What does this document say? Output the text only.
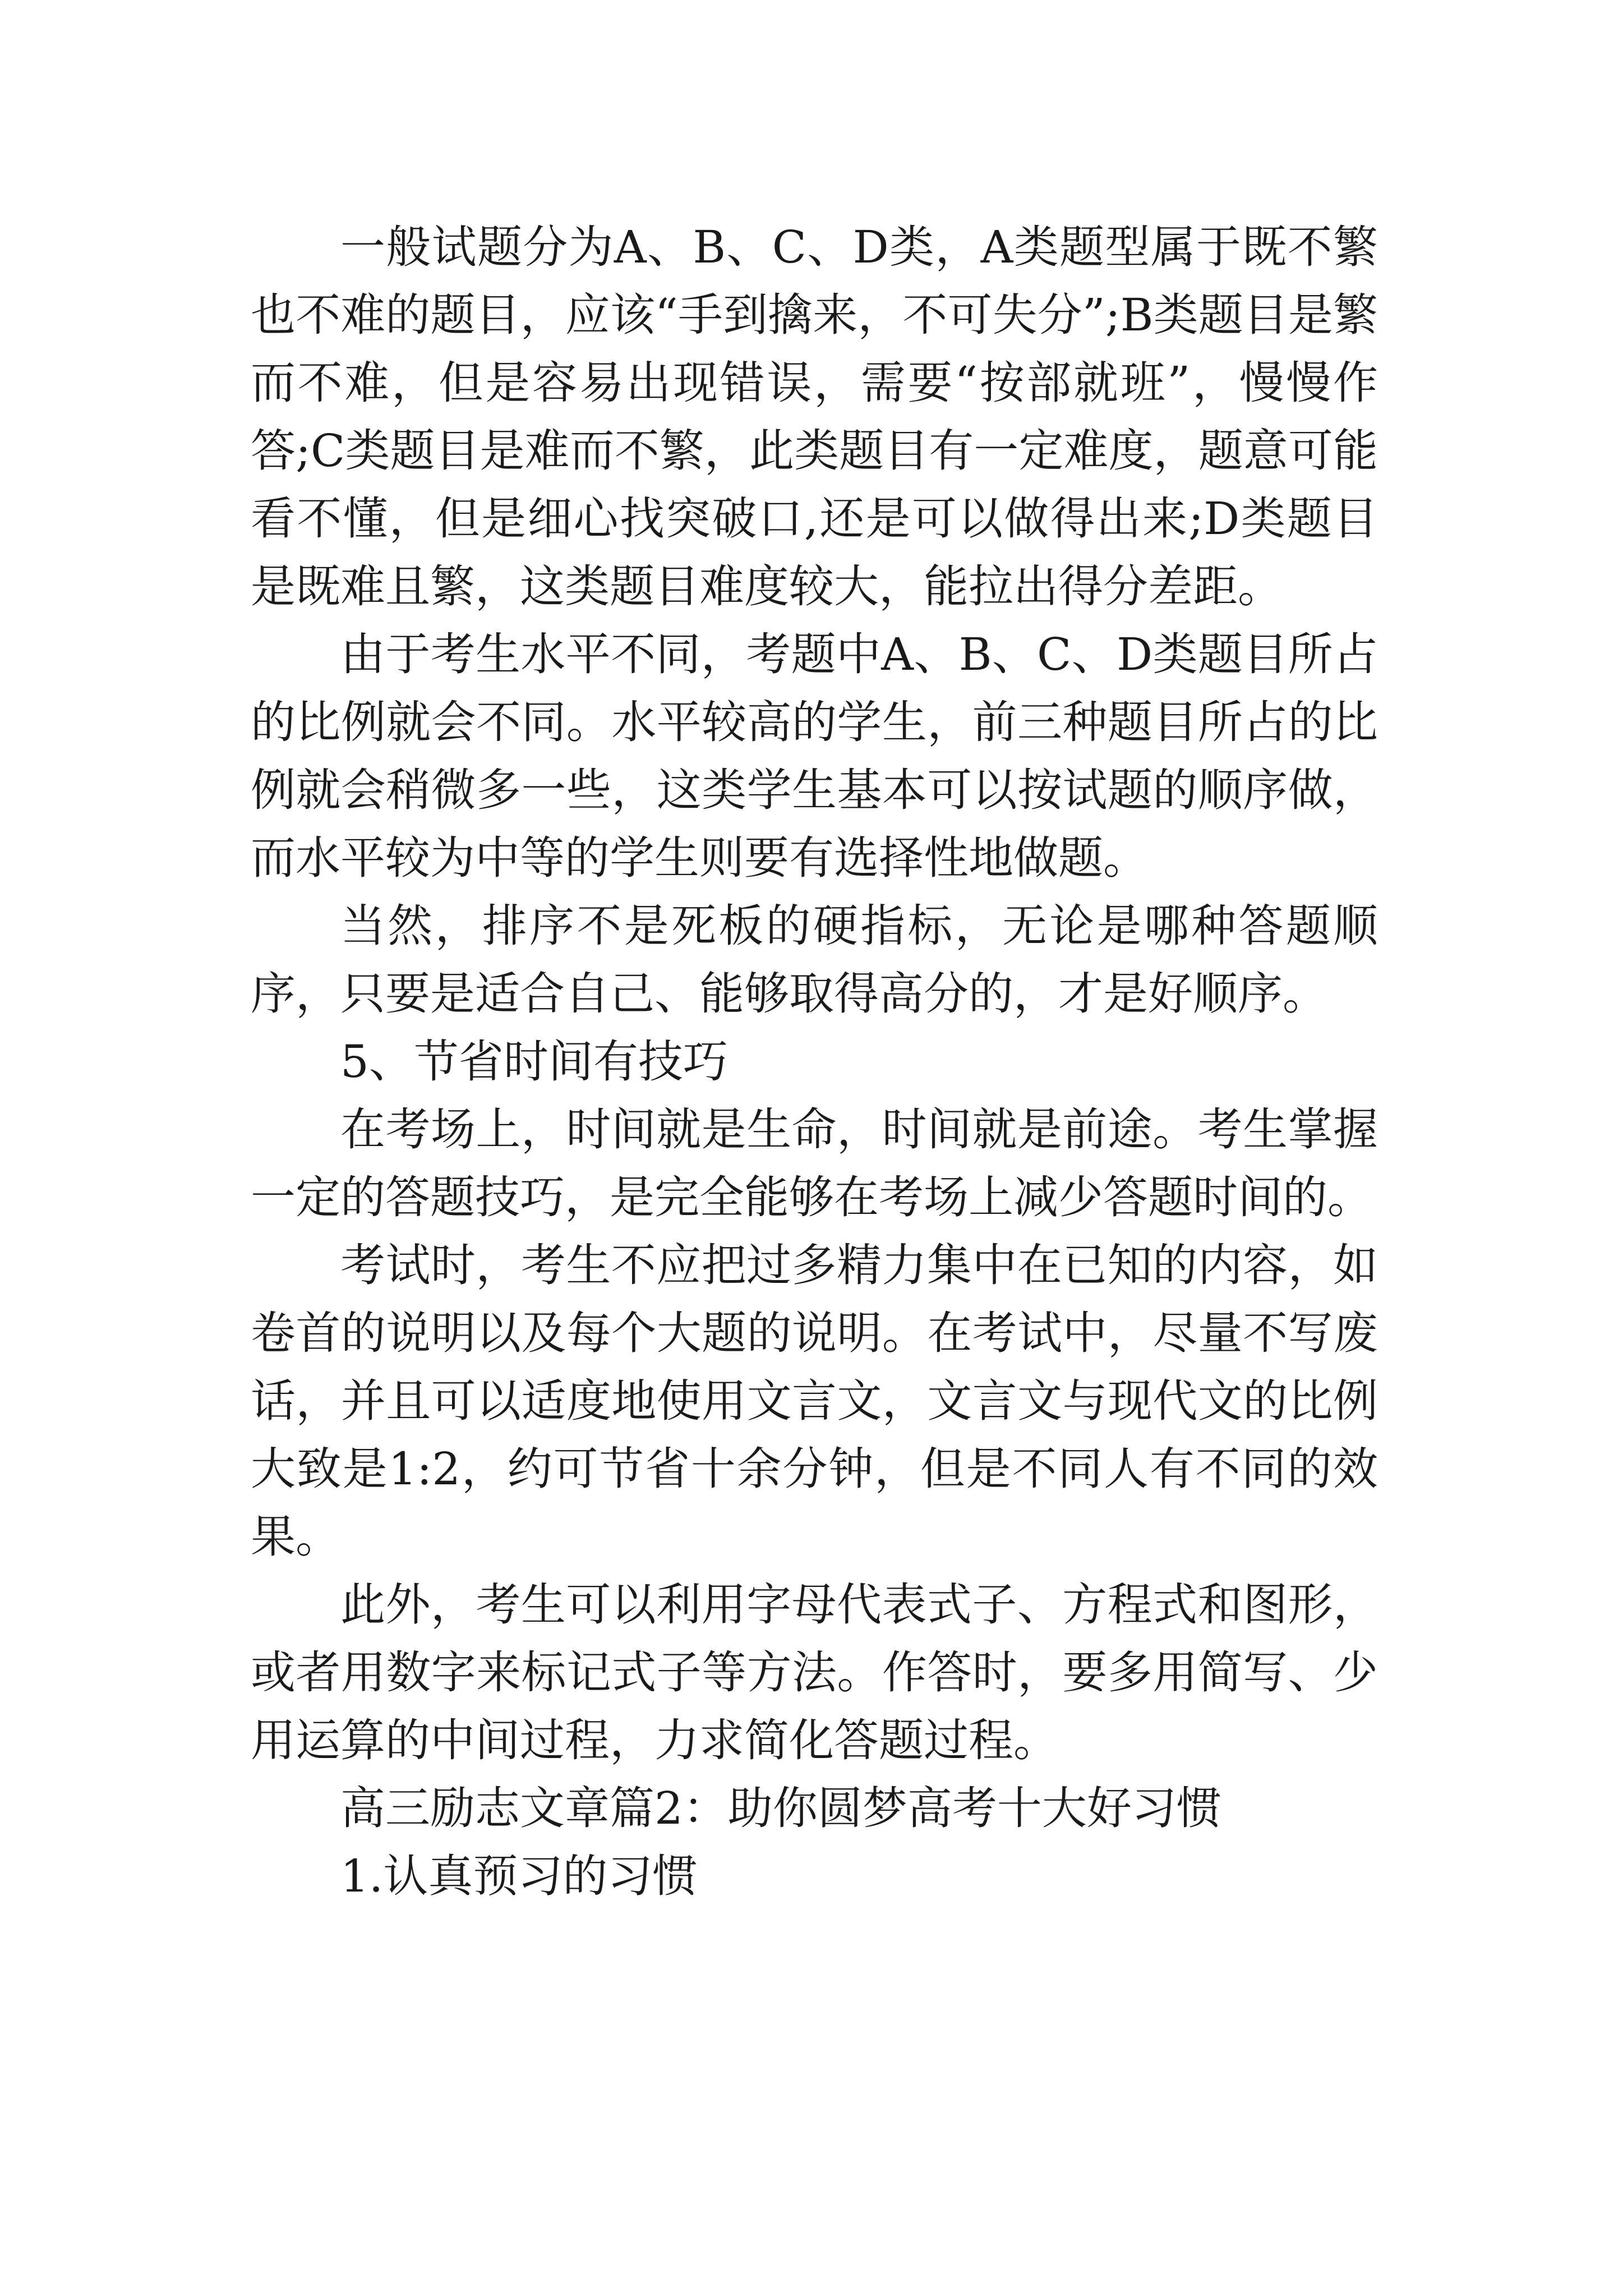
一般试题分为A、B、C、D类，A类题型属于既不繁也不难的题目，应该“手到擒来，不可失分”;B类题目是繁而不难，但是容易出现错误，需要“按部就班”，慢慢作答;C类题目是难而不繁，此类题目有一定难度，题意可能看不懂，但是细心找突破口,还是可以做得出来;D类题目是既难且繁，这类题目难度较大，能拉出得分差距。

由于考生水平不同，考题中A、B、C、D类题目所占的比例就会不同。水平较高的学生，前三种题目所占的比例就会稍微多一些，这类学生基本可以按试题的顺序做，而水平较为中等的学生则要有选择性地做题。

当然，排序不是死板的硬指标，无论是哪种答题顺序，只要是适合自己、能够取得高分的，才是好顺序。

5、节省时间有技巧

在考场上，时间就是生命，时间就是前途。考生掌握一定的答题技巧，是完全能够在考场上减少答题时间的。

考试时，考生不应把过多精力集中在已知的内容，如卷首的说明以及每个大题的说明。在考试中，尽量不写废话，并且可以适度地使用文言文，文言文与现代文的比例大致是1:2，约可节省十余分钟，但是不同人有不同的效果。

此外，考生可以利用字母代表式子、方程式和图形，或者用数字来标记式子等方法。作答时，要多用简写、少用运算的中间过程，力求简化答题过程。

高三励志文章篇2：助你圆梦高考十大好习惯

1.认真预习的习惯
